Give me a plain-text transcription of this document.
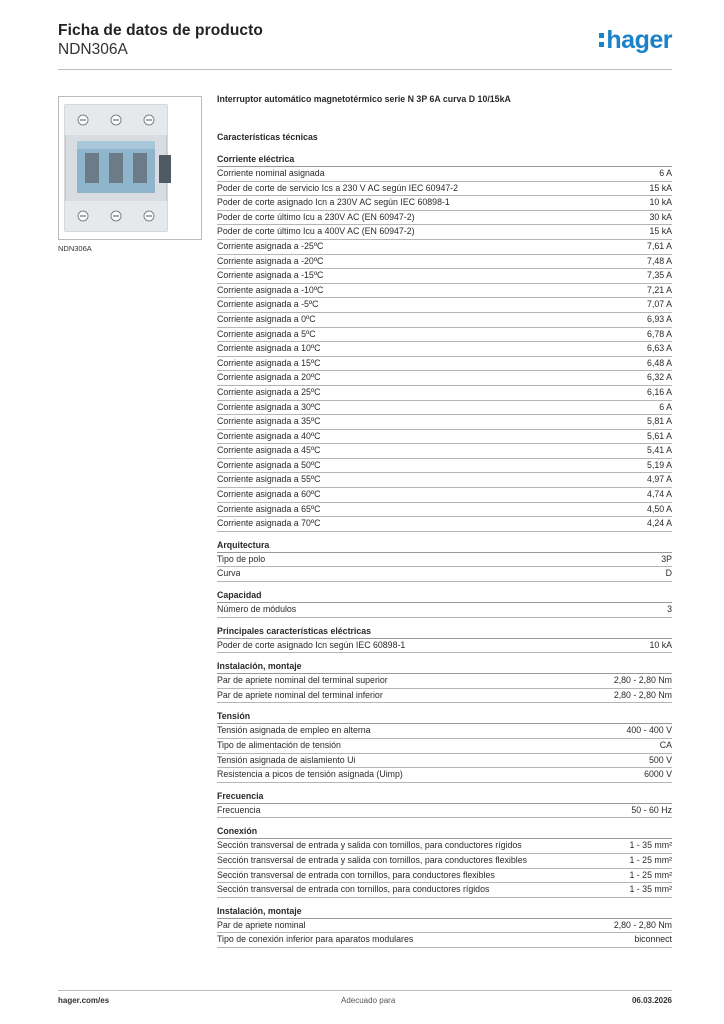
Ficha de datos de producto
NDN306A	hager
NDN306A
Interruptor automático magnetotérmico serie N 3P 6A curva D 10/15kA
Características técnicas
Corriente eléctrica
Corriente nominal asignada	6 A
Poder de corte de servicio Ics a 230 V AC según IEC 60947-2	15 kA
Poder de corte asignado Icn a 230V AC según IEC 60898-1	10 kA
Poder de corte último Icu a 230V AC (EN 60947-2)	30 kA
Poder de corte último Icu a 400V AC (EN 60947-2)	15 kA
Corriente asignada a -25ºC	7,61 A
Corriente asignada a -20ºC	7,48 A
Corriente asignada a -15ºC	7,35 A
Corriente asignada a -10ºC	7,21 A
Corriente asignada a -5ºC	7,07 A
Corriente asignada a 0ºC	6,93 A
Corriente asignada a 5ºC	6,78 A
Corriente asignada a 10ºC	6,63 A
Corriente asignada a 15ºC	6,48 A
Corriente asignada a 20ºC	6,32 A
Corriente asignada a 25ºC	6,16 A
Corriente asignada a 30ºC	6 A
Corriente asignada a 35ºC	5,81 A
Corriente asignada a 40ºC	5,61 A
Corriente asignada a 45ºC	5,41 A
Corriente asignada a 50ºC	5,19 A
Corriente asignada a 55ºC	4,97 A
Corriente asignada a 60ºC	4,74 A
Corriente asignada a 65ºC	4,50 A
Corriente asignada a 70ºC	4,24 A
Arquitectura
Tipo de polo	3P
Curva	D
Capacidad
Número de módulos	3
Principales características eléctricas
Poder de corte asignado Icn según IEC 60898-1	10 kA
Instalación, montaje
Par de apriete nominal del terminal superior	2,80 - 2,80 Nm
Par de apriete nominal del terminal inferior	2,80 - 2,80 Nm
Tensión
Tensión asignada de empleo en alterna	400 - 400 V
Tipo de alimentación de tensión	CA
Tensión asignada de aislamiento Ui	500 V
Resistencia a picos de tensión asignada (Uimp)	6000 V
Frecuencia
Frecuencia	50 - 60 Hz
Conexión
Sección transversal de entrada y salida con tornillos, para conductores rígidos	1 - 35 mm²
Sección transversal de entrada y salida con tornillos, para conductores flexibles	1 - 25 mm²
Sección transversal de entrada con tornillos, para conductores flexibles	1 - 25 mm²
Sección transversal de entrada con tornillos, para conductores rígidos	1 - 35 mm²
Instalación, montaje
Par de apriete nominal	2,80 - 2,80 Nm
Tipo de conexión inferior para aparatos modulares	biconnect
hager.com/es	Adecuado para	06.03.2026
